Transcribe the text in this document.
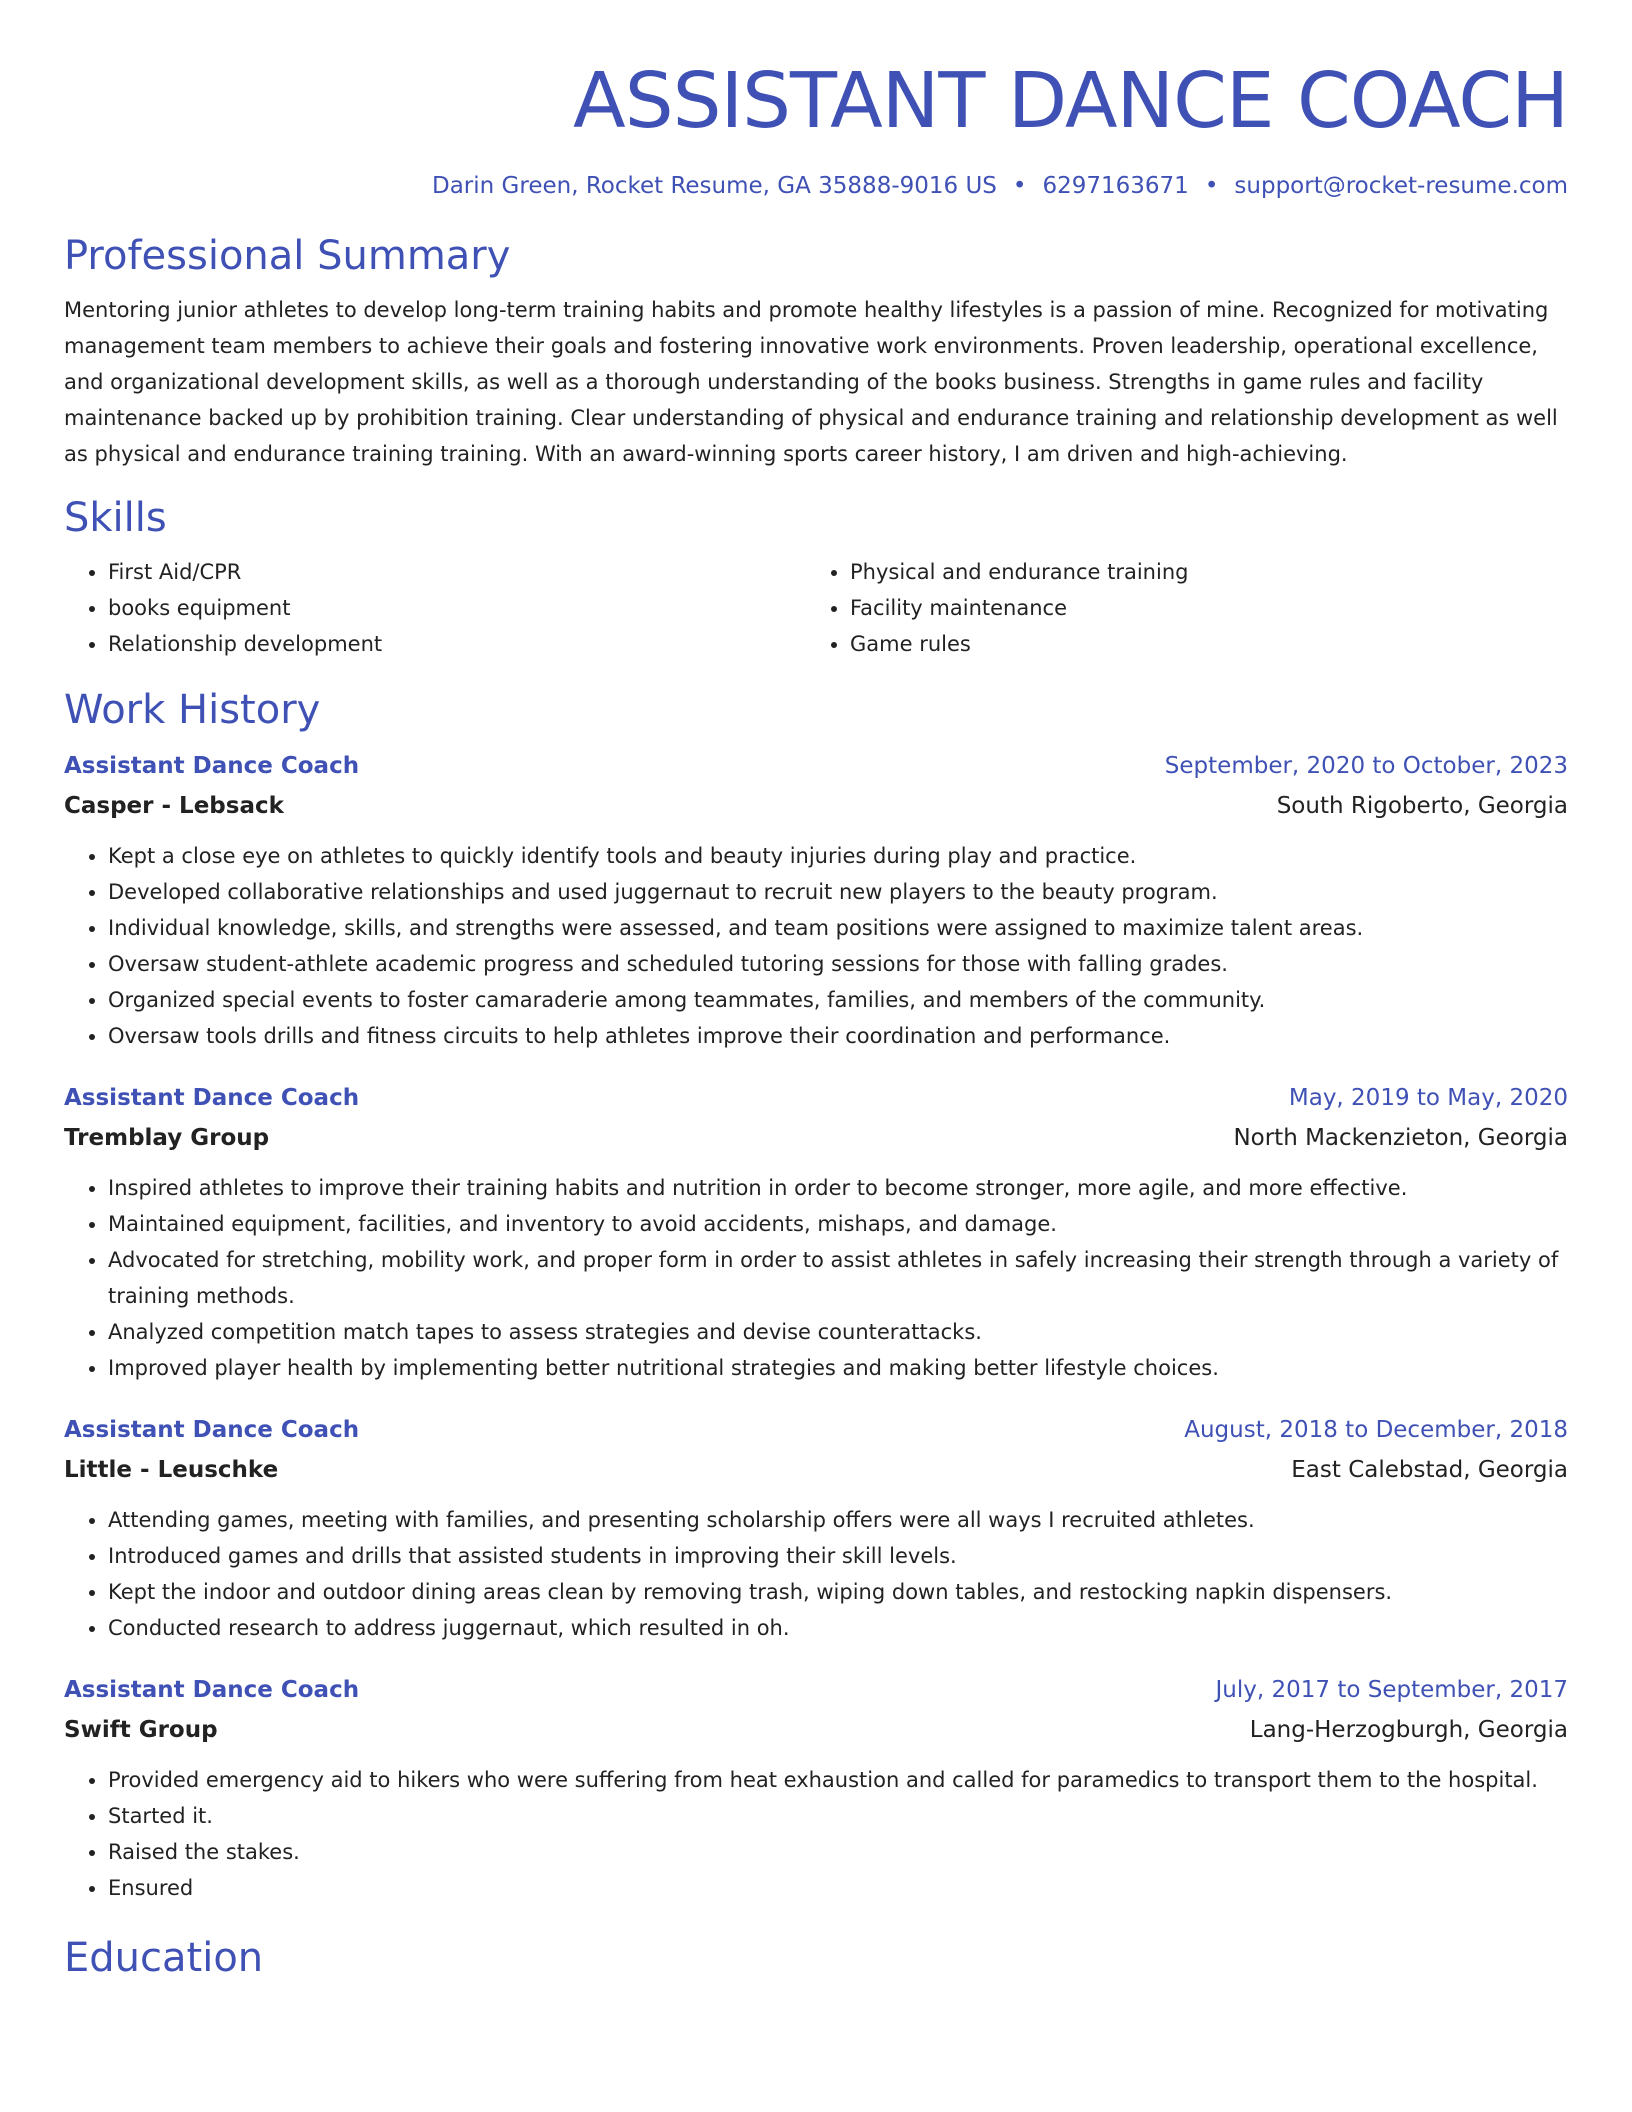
ASSISTANT DANCE COACH
Darin Green, Rocket Resume, GA 35888-9016 US • 6297163671 • support@rocket-resume.com
Professional Summary

Mentoring junior athletes to develop long-term training habits and promote healthy lifestyles is a passion of mine. Recognized for motivating management team members to achieve their goals and fostering innovative work environments. Proven leadership, operational excellence, and organizational development skills, as well as a thorough understanding of the books business. Strengths in game rules and facility maintenance backed up by prohibition training. Clear understanding of physical and endurance training and relationship development as well as physical and endurance training training. With an award-winning sports career history, I am driven and high-achieving.

Skills
• First Aid/CPR
• books equipment
• Relationship development
• Physical and endurance training
• Facility maintenance
• Game rules
Work History
Assistant Dance Coach	September, 2020 to October, 2023
Casper - Lebsack	South Rigoberto, Georgia
• Kept a close eye on athletes to quickly identify tools and beauty injuries during play and practice.
• Developed collaborative relationships and used juggernaut to recruit new players to the beauty program.
• Individual knowledge, skills, and strengths were assessed, and team positions were assigned to maximize talent areas.
• Oversaw student-athlete academic progress and scheduled tutoring sessions for those with falling grades.
• Organized special events to foster camaraderie among teammates, families, and members of the community.
• Oversaw tools drills and fitness circuits to help athletes improve their coordination and performance.
Assistant Dance Coach	May, 2019 to May, 2020
Tremblay Group	North Mackenzieton, Georgia
• Inspired athletes to improve their training habits and nutrition in order to become stronger, more agile, and more effective.
• Maintained equipment, facilities, and inventory to avoid accidents, mishaps, and damage.
• Advocated for stretching, mobility work, and proper form in order to assist athletes in safely increasing their strength through a variety of training methods.
• Analyzed competition match tapes to assess strategies and devise counterattacks.
• Improved player health by implementing better nutritional strategies and making better lifestyle choices.
Assistant Dance Coach	August, 2018 to December, 2018
Little - Leuschke	East Calebstad, Georgia
• Attending games, meeting with families, and presenting scholarship offers were all ways I recruited athletes.
• Introduced games and drills that assisted students in improving their skill levels.
• Kept the indoor and outdoor dining areas clean by removing trash, wiping down tables, and restocking napkin dispensers.
• Conducted research to address juggernaut, which resulted in oh.
Assistant Dance Coach	July, 2017 to September, 2017
Swift Group	Lang-Herzogburgh, Georgia
• Provided emergency aid to hikers who were suffering from heat exhaustion and called for paramedics to transport them to the hospital.
• Started it.
• Raised the stakes.
• Ensured
Education
